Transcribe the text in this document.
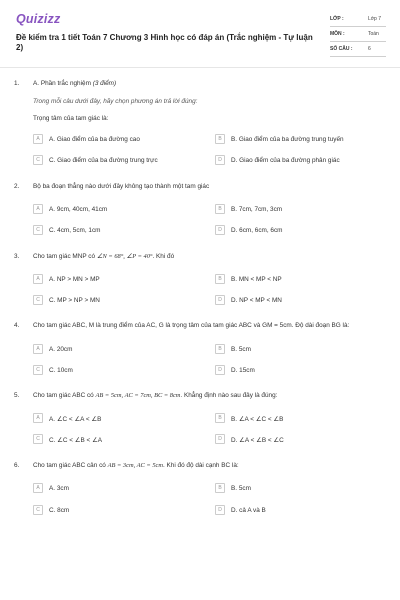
Quizizz
Đề kiểm tra 1 tiết Toán 7 Chương 3 Hình học có đáp án (Trắc nghiệm - Tự luận 2)
LỚP :	Lớp 7
MÔN :	Toán
SỐ CÂU :	6
1. A. Phần trắc nghiệm (3 điểm)
Trong mỗi câu dưới đây, hãy chọn phương án trả lời đúng:
Trọng tâm của tam giác là:
A	A. Giao điểm của ba đường cao	B	B. Giao điểm của ba đường trung tuyến
C	C. Giao điểm của ba đường trung trực	D	D. Giao điểm của ba đường phân giác
2. Bộ ba đoạn thẳng nào dưới đây không tạo thành một tam giác
A	A. 9cm, 40cm, 41cm	B	B. 7cm, 7cm, 3cm
C	C. 4cm, 5cm, 1cm	D	D. 6cm, 6cm, 6cm
3. Cho tam giác MNP có ∠N = 68°, ∠P = 40°. Khi đó
A	A. NP > MN > MP	B	B. MN < MP < NP
C	C. MP > NP > MN	D	D. NP < MP < MN
4. Cho tam giác ABC, M là trung điểm của AC, G là trọng tâm của tam giác ABC và GM = 5cm. Độ dài đoạn BG là:
A	A. 20cm	B	B. 5cm
C	C. 10cm	D	D. 15cm
5. Cho tam giác ABC có AB = 5cm, AC = 7cm, BC = 8cm. Khẳng định nào sau đây là đúng:
A	A. ∠C < ∠A < ∠B	B	B. ∠A < ∠C < ∠B
C	C. ∠C < ∠B < ∠A	D	D. ∠A < ∠B < ∠C
6. Cho tam giác ABC cân có AB = 3cm, AC = 5cm. Khi đó độ dài cạnh BC là:
A	A. 3cm	B	B. 5cm
C	C. 8cm	D	D. cả A và B
